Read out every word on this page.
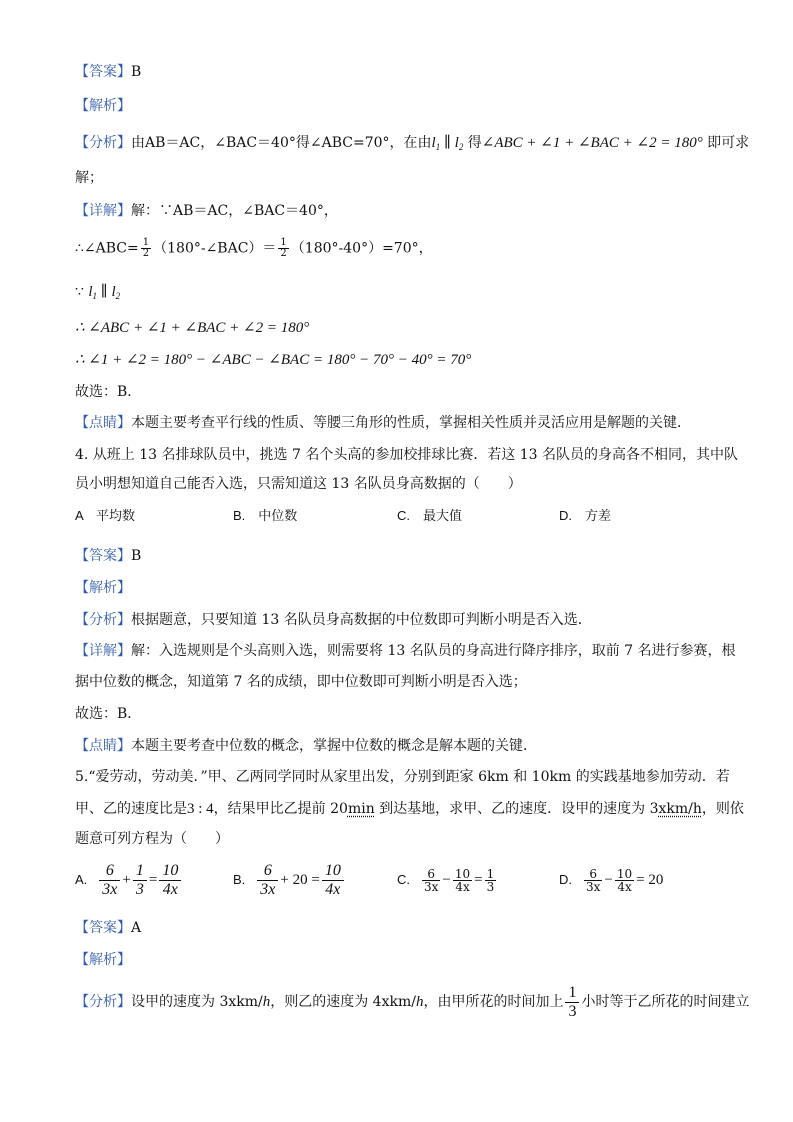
【答案】B
【解析】
【分析】由AB＝AC，∠BAC＝40°得∠ABC=70°，在由$l_1$ ∥ $l_2$ 得∠ABC + ∠1 + ∠BAC + ∠2 = 180° 即可求
解；
【详解】解：∵AB＝AC，∠BAC＝40°，
∴∠ABC= $\frac{1}{2}$ （180°-∠BAC）＝ $\frac{1}{2} (180^\circ-40^\circ)=70^\circ$，
∵ $l_1$ ∥ $l_2$
∴ ∠ABC + ∠1 + ∠BAC + ∠2 = 180°
∴ ∠1 + ∠2 = 180° − ∠ABC − ∠BAC = 180° − 70° − 40° = 70°
故选：B．
【点睛】本题主要考查平行线的性质、等腰三角形的性质，掌握相关性质并灵活应用是解题的关键．
4. 从班上 13 名排球队员中，挑选 7 名个头高的参加校排球比赛．若这 13 名队员的身高各不相同，其中队
员小明想知道自己能否入选，只需知道这 13 名队员身高数据的（　　）
A　平均数	B.　中位数	C.　最大值	D.　方差
【答案】B
【解析】
【分析】根据题意，只要知道 13 名队员身高数据的中位数即可判断小明是否入选．
【详解】解：入选规则是个头高则入选，则需要将 13 名队员的身高进行降序排序，取前 7 名进行参赛，根
据中位数的概念，知道第 7 名的成绩，即中位数即可判断小明是否入选；
故选：B．
【点睛】本题主要考查中位数的概念，掌握中位数的概念是解本题的关键．
5.“爱劳动，劳动美．”甲、乙两同学同时从家里出发，分别到距家 6km 和 10km 的实践基地参加劳动．若
甲、乙的速度比是3 : 4，结果甲比乙提前 20min 到达基地，求甲、乙的速度．设甲的速度为 3xkm/h，则依
题意可列方程为（　　）
A. $\frac{6}{3x} + \frac{1}{3} = \frac{10}{4x}$	B. $\frac{6}{3x} + 20 = \frac{10}{4x}$	C. $\frac{6}{3x} - \frac{10}{4x} = \frac{1}{3}$	D. $\frac{6}{3x} - \frac{10}{4x} = 20$
【答案】A
【解析】
【分析】 设甲的速度为 3xkm/ h ，则乙的速度为 4xkm/ h ，由甲所花的时间加上 $\frac{1}{3}$ 小时等于乙所花的时间建立
